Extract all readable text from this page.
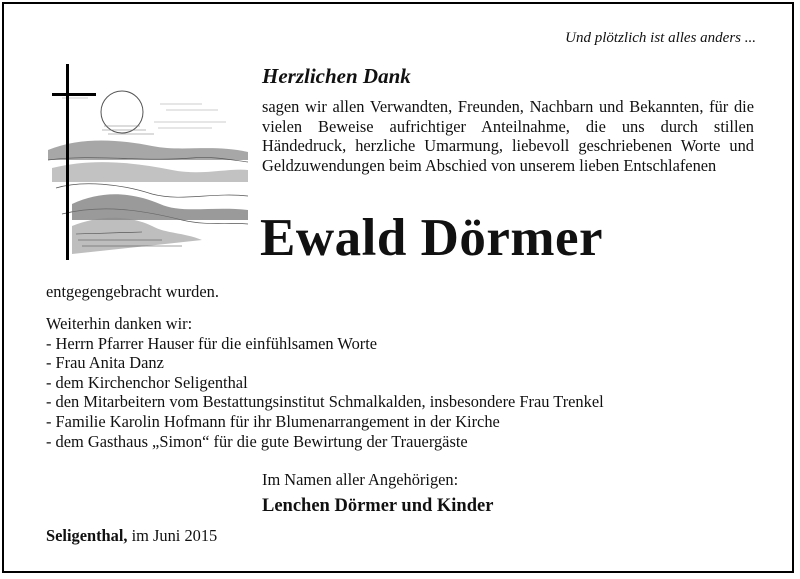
Und plötzlich ist alles anders ...
Herzlichen Dank
sagen wir allen Verwandten, Freunden, Nachbarn und Bekannten, für die vielen Beweise aufrichtiger Anteilnahme, die uns durch stillen Händedruck, herzliche Umarmung, liebevoll geschriebenen Worte und Geldzuwendungen beim Abschied von unserem lieben Entschlafenen
Ewald Dörmer
entgegengebracht wurden.
Weiterhin danken wir:
- Herrn Pfarrer Hauser für die einfühlsamen Worte
- Frau Anita Danz
- dem Kirchenchor Seligenthal
- den Mitarbeitern vom Bestattungsinstitut Schmalkalden, insbesondere Frau Trenkel
- Familie Karolin Hofmann für ihr Blumenarrangement in der Kirche
- dem Gasthaus „Simon“ für die gute Bewirtung der Trauergäste
Im Namen aller Angehörigen:
Lenchen Dörmer und Kinder
Seligenthal, im Juni 2015
